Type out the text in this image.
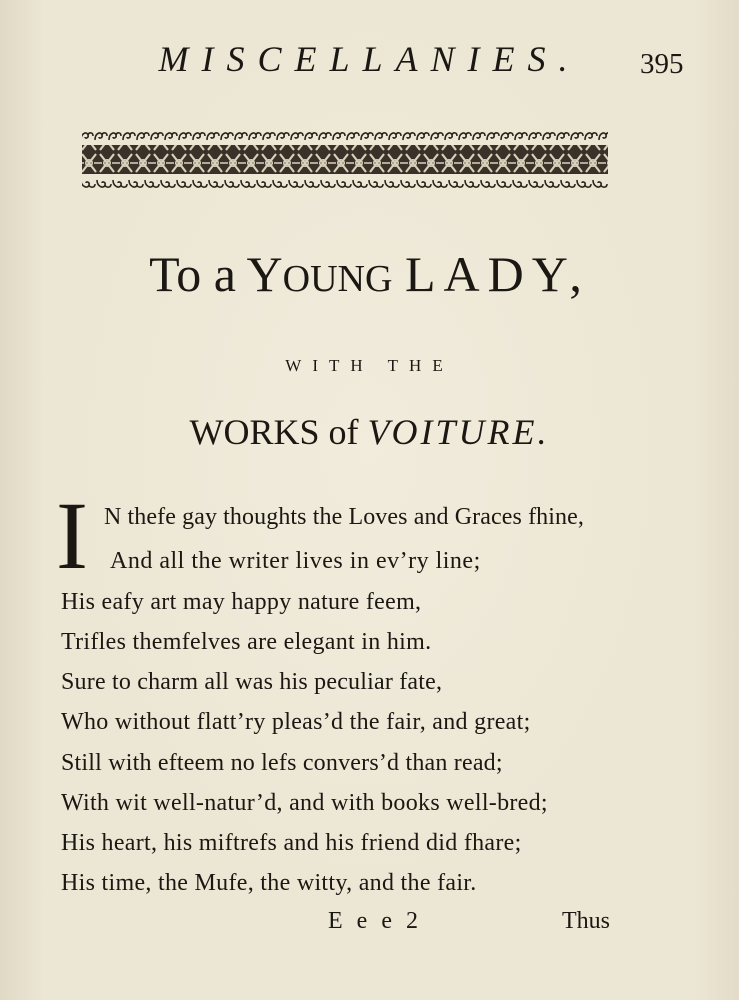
MISCELLANIES.	395
To a YOUNG LADY,
WITH THE
WORKS of VOITURE.
I N thefe gay thoughts the Loves and Graces fhine,
And all the writer lives in ev’ry line;
His eafy art may happy nature feem,
Trifles themfelves are elegant in him.
Sure to charm all was his peculiar fate,
Who without flatt’ry pleas’d the fair, and great;
Still with efteem no lefs convers’d than read;
With wit well-natur’d, and with books well-bred;
His heart, his miftrefs and his friend did fhare;
His time, the Mufe, the witty, and the fair.
E e e 2	Thus
